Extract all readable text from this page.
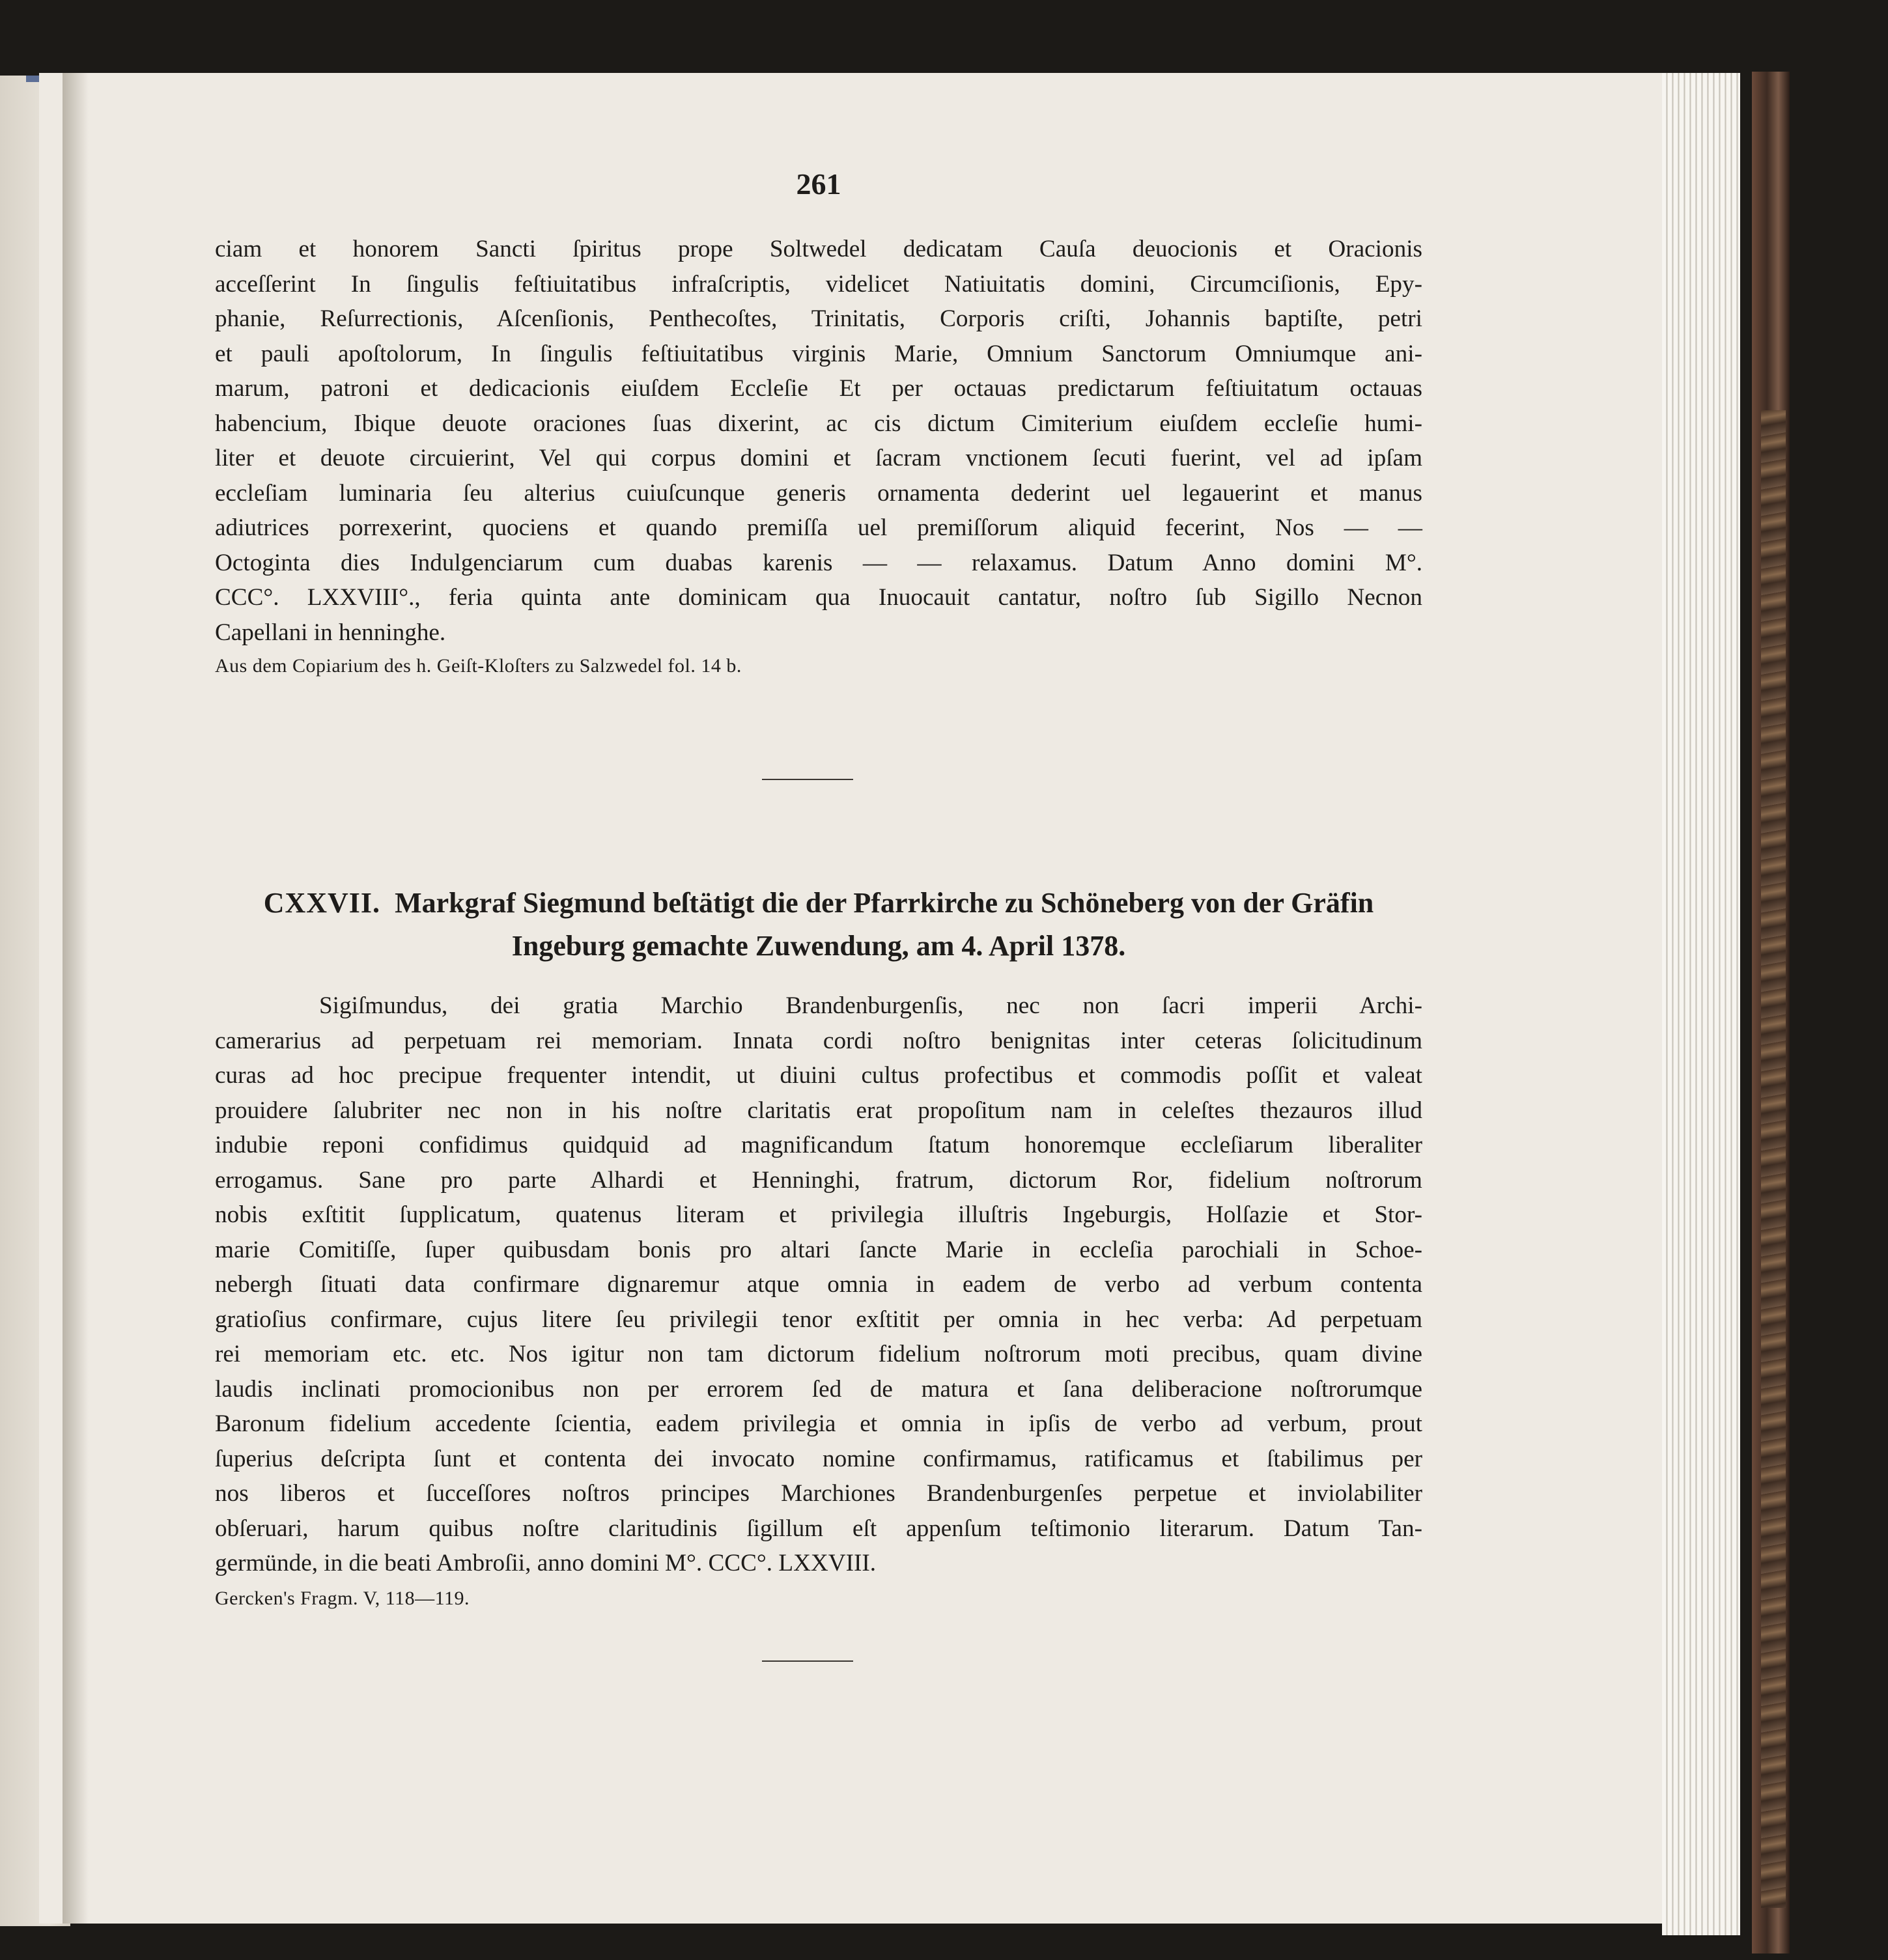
261
ciam et honorem Sancti ſpiritus prope Soltwedel dedicatam Cauſa deuocionis et Oracionis
acceſſerint In ſingulis feſtiuitatibus infraſcriptis, videlicet Natiuitatis domini, Circumciſionis, Epy-
phanie, Reſurrectionis, Aſcenſionis, Penthecoſtes, Trinitatis, Corporis criſti, Johannis baptiſte, petri
et pauli apoſtolorum, In ſingulis feſtiuitatibus virginis Marie, Omnium Sanctorum Omniumque ani-
marum, patroni et dedicacionis eiuſdem Eccleſie Et per octauas predictarum feſtiuitatum octauas
habencium, Ibique deuote oraciones ſuas dixerint, ac cis dictum Cimiterium eiuſdem eccleſie humi-
liter et deuote circuierint, Vel qui corpus domini et ſacram vnctionem ſecuti fuerint, vel ad ipſam
eccleſiam luminaria ſeu alterius cuiuſcunque generis ornamenta dederint uel legauerint et manus
adiutrices porrexerint, quociens et quando premiſſa uel premiſſorum aliquid fecerint, Nos — —
Octoginta dies Indulgenciarum cum duabas karenis — — relaxamus. Datum Anno domini M°.
CCC°. LXXVIII°., feria quinta ante dominicam qua Inuocauit cantatur, noſtro ſub Sigillo Necnon
Capellani in henninghe.
Aus dem Copiarium des h. Geiſt-Kloſters zu Salzwedel fol. 14 b.
CXXVII. Markgraf Siegmund beſtätigt die der Pfarrkirche zu Schöneberg von der Gräfin
Ingeburg gemachte Zuwendung, am 4. April 1378.
Sigiſmundus, dei gratia Marchio Brandenburgenſis, nec non ſacri imperii Archi-
camerarius ad perpetuam rei memoriam. Innata cordi noſtro benignitas inter ceteras ſolicitudinum
curas ad hoc precipue frequenter intendit, ut diuini cultus profectibus et commodis poſſit et valeat
prouidere ſalubriter nec non in his noſtre claritatis erat propoſitum nam in celeſtes thezauros illud
indubie reponi confidimus quidquid ad magnificandum ſtatum honoremque eccleſiarum liberaliter
errogamus. Sane pro parte Alhardi et Henninghi, fratrum, dictorum Ror, fidelium noſtrorum
nobis exſtitit ſupplicatum, quatenus literam et privilegia illuſtris Ingeburgis, Holſazie et Stor-
marie Comitiſſe, ſuper quibusdam bonis pro altari ſancte Marie in eccleſia parochiali in Schoe-
nebergh ſituati data confirmare dignaremur atque omnia in eadem de verbo ad verbum contenta
gratioſius confirmare, cujus litere ſeu privilegii tenor exſtitit per omnia in hec verba: Ad perpetuam
rei memoriam etc. etc. Nos igitur non tam dictorum fidelium noſtrorum moti precibus, quam divine
laudis inclinati promocionibus non per errorem ſed de matura et ſana deliberacione noſtrorumque
Baronum fidelium accedente ſcientia, eadem privilegia et omnia in ipſis de verbo ad verbum, prout
ſuperius deſcripta ſunt et contenta dei invocato nomine confirmamus, ratificamus et ſtabilimus per
nos liberos et ſucceſſores noſtros principes Marchiones Brandenburgenſes perpetue et inviolabiliter
obſeruari, harum quibus noſtre claritudinis ſigillum eſt appenſum teſtimonio literarum. Datum Tan-
germünde, in die beati Ambroſii, anno domini M°. CCC°. LXXVIII.
Gercken's Fragm. V, 118—119.
